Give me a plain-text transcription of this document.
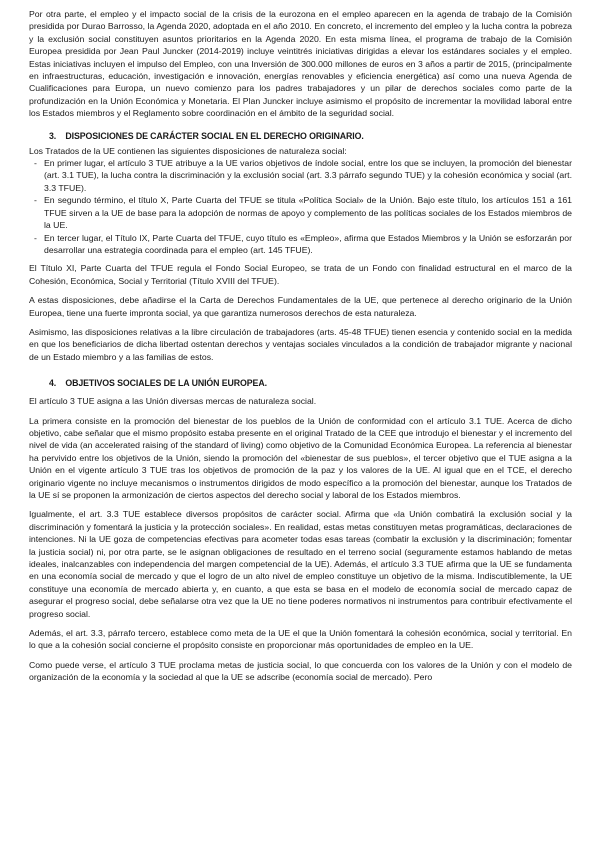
Por otra parte, el empleo y el impacto social de la crisis de la eurozona en el empleo aparecen en la agenda de trabajo de la Comisión presidida por Durao Barrosso, la Agenda 2020, adoptada en el año 2010. En concreto, el incremento del empleo y la lucha contra la pobreza y la exclusión social constituyen asuntos prioritarios en la Agenda 2020. En esta misma línea, el programa de trabajo de la Comisión Europea presidida por Jean Paul Juncker (2014-2019) incluye veintitrés iniciativas dirigidas a elevar los estándares sociales y el empleo. Estas iniciativas incluyen el impulso del Empleo, con una Inversión de 300.000 millones de euros en 3 años a partir de 2015, (principalmente en infraestructuras, educación, investigación e innovación, energías renovables y eficiencia energética) así como una nueva Agenda de Cualificaciones para Europa, un nuevo comienzo para los padres trabajadores y un pilar de derechos sociales como parte de la profundización en la Unión Económica y Monetaria. El Plan Juncker incluye asimismo el propósito de incrementar la movilidad laboral entre los Estados miembros y el Reglamento sobre coordinación en el ámbito de la seguridad social.

3. DISPOSICIONES DE CARÁCTER SOCIAL EN EL DERECHO ORIGINARIO.

Los Tratados de la UE contienen las siguientes disposiciones de naturaleza social:

- En primer lugar, el artículo 3 TUE atribuye a la UE varios objetivos de índole social, entre los que se incluyen, la promoción del bienestar (art. 3.1 TUE), la lucha contra la discriminación y la exclusión social (art. 3.3 párrafo segundo TUE) y la cohesión económica y social (art. 3.3 TFUE).
- En segundo término, el título X, Parte Cuarta del TFUE se titula «Política Social» de la Unión. Bajo este título, los artículos 151 a 161 TFUE sirven a la UE de base para la adopción de normas de apoyo y complemento de las políticas sociales de los Estados miembros de la UE.
- En tercer lugar, el Título IX, Parte Cuarta del TFUE, cuyo título es «Empleo», afirma que Estados Miembros y la Unión se esforzarán por desarrollar una estrategia coordinada para el empleo (art. 145 TFUE).

El Título XI, Parte Cuarta del TFUE regula el Fondo Social Europeo, se trata de un Fondo con finalidad estructural en el marco de la Cohesión, Económica, Social y Territorial (Título XVIII del TFUE).

A estas disposiciones, debe añadirse el la Carta de Derechos Fundamentales de la UE, que pertenece al derecho originario de la Unión Europea, tiene una fuerte impronta social, ya que garantiza numerosos derechos de esta naturaleza.

Asimismo, las disposiciones relativas a la libre circulación de trabajadores (arts. 45-48 TFUE) tienen esencia y contenido social en la medida en que los beneficiarios de dicha libertad ostentan derechos y ventajas sociales vinculados a la condición de trabajador migrante y nacional de un Estado miembro y a las familias de estos.

4. OBJETIVOS SOCIALES DE LA UNIÓN EUROPEA.

El artículo 3 TUE asigna a las Unión diversas mercas de naturaleza social.

La primera consiste en la promoción del bienestar de los pueblos de la Unión de conformidad con el artículo 3.1 TUE. Acerca de dicho objetivo, cabe señalar que el mismo propósito estaba presente en el original Tratado de la CEE que introdujo el bienestar y el incremento del nivel de vida (an accelerated raising of the standard of living) como objetivo de la Comunidad Económica Europea. La referencia al bienestar ha pervivido entre los objetivos de la Unión, siendo la promoción del «bienestar de sus pueblos», el tercer objetivo que el TUE asigna a la Unión en el vigente artículo 3 TUE tras los objetivos de promoción de la paz y los valores de la UE. Al igual que en el TCE, el derecho originario vigente no incluye mecanismos o instrumentos dirigidos de modo específico a la promoción del bienestar, aunque los Tratados de la UE sí se proponen la armonización de ciertos aspectos del derecho social y laboral de los Estados miembros.

Igualmente, el art. 3.3 TUE establece diversos propósitos de carácter social. Afirma que «la Unión combatirá la exclusión social y la discriminación y fomentará la justicia y la protección sociales». En realidad, estas metas constituyen metas programáticas, declaraciones de intenciones. Ni la UE goza de competencias efectivas para acometer todas esas tareas (combatir la exclusión y la discriminación; fomentar la justicia social) ni, por otra parte, se le asignan obligaciones de resultado en el terreno social (seguramente estamos hablando de metas ideales, inalcanzables con independencia del margen competencial de la UE). Además, el artículo 3.3 TUE afirma que la UE se fundamenta en una economía social de mercado y que el logro de un alto nivel de empleo constituye un objetivo de la misma. Indiscutiblemente, la UE constituye una economía de mercado abierta y, en cuanto, a que esta se basa en el modelo de economía social de mercado capaz de asegurar el progreso social, debe señalarse otra vez que la UE no tiene poderes normativos ni instrumentos para contribuir efectivamente el progreso social.

Además, el art. 3.3, párrafo tercero, establece como meta de la UE el que la Unión fomentará la cohesión económica, social y territorial. En lo que a la cohesión social concierne el propósito consiste en proporcionar más oportunidades de empleo en la UE.

Como puede verse, el artículo 3 TUE proclama metas de justicia social, lo que concuerda con los valores de la Unión y con el modelo de organización de la economía y la sociedad al que la UE se adscribe (economía social de mercado). Pero
